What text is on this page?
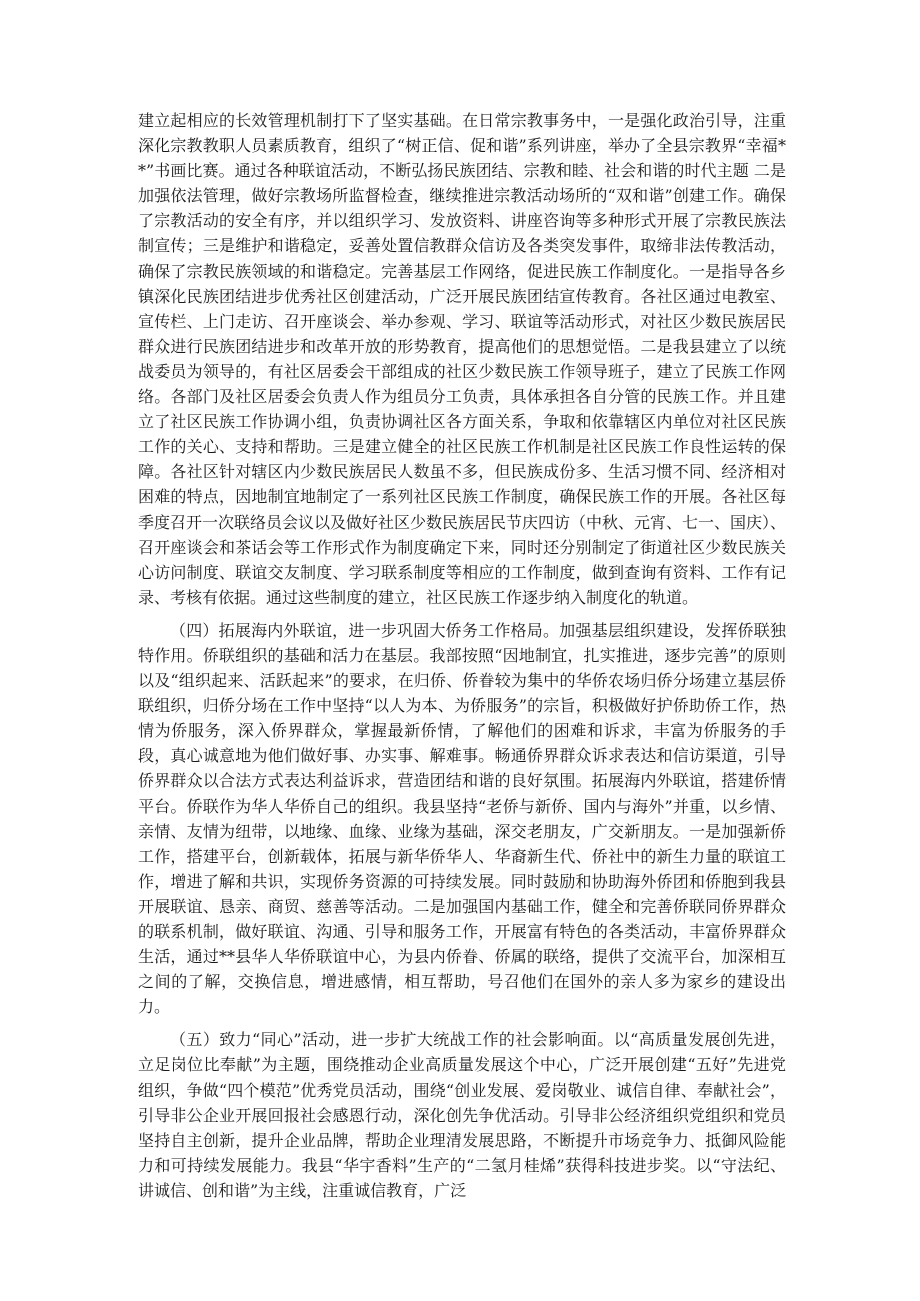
建立起相应的长效管理机制打下了坚实基础。在日常宗教事务中，一是强化政治引导，注重深化宗教教职人员素质教育，组织了“树正信、促和谐”系列讲座，举办了全县宗教界“幸福**”书画比赛。通过各种联谊活动，不断弘扬民族团结、宗教和睦、社会和谐的时代主题 二是加强依法管理，做好宗教场所监督检查，继续推进宗教活动场所的“双和谐”创建工作。确保了宗教活动的安全有序，并以组织学习、发放资料、讲座咨询等多种形式开展了宗教民族法制宣传；三是维护和谐稳定，妥善处置信教群众信访及各类突发事件，取缔非法传教活动，确保了宗教民族领域的和谐稳定。完善基层工作网络，促进民族工作制度化。一是指导各乡镇深化民族团结进步优秀社区创建活动，广泛开展民族团结宣传教育。各社区通过电教室、宣传栏、上门走访、召开座谈会、举办参观、学习、联谊等活动形式，对社区少数民族居民群众进行民族团结进步和改革开放的形势教育，提高他们的思想觉悟。二是我县建立了以统战委员为领导的，有社区居委会干部组成的社区少数民族工作领导班子，建立了民族工作网络。各部门及社区居委会负责人作为组员分工负责，具体承担各自分管的民族工作。并且建立了社区民族工作协调小组，负责协调社区各方面关系，争取和依靠辖区内单位对社区民族工作的关心、支持和帮助。三是建立健全的社区民族工作机制是社区民族工作良性运转的保障。各社区针对辖区内少数民族居民人数虽不多，但民族成份多、生活习惯不同、经济相对困难的特点，因地制宜地制定了一系列社区民族工作制度，确保民族工作的开展。各社区每季度召开一次联络员会议以及做好社区少数民族居民节庆四访（中秋、元宵、七一、国庆）、召开座谈会和茶话会等工作形式作为制度确定下来，同时还分别制定了街道社区少数民族关心访问制度、联谊交友制度、学习联系制度等相应的工作制度，做到查询有资料、工作有记录、考核有依据。通过这些制度的建立，社区民族工作逐步纳入制度化的轨道。

（四）拓展海内外联谊，进一步巩固大侨务工作格局。加强基层组织建设，发挥侨联独特作用。侨联组织的基础和活力在基层。我部按照“因地制宜，扎实推进，逐步完善”的原则以及“组织起来、活跃起来”的要求，在归侨、侨眷较为集中的华侨农场归侨分场建立基层侨联组织，归侨分场在工作中坚持“以人为本、为侨服务”的宗旨，积极做好护侨助侨工作，热情为侨服务，深入侨界群众，掌握最新侨情，了解他们的困难和诉求，丰富为侨服务的手段，真心诚意地为他们做好事、办实事、解难事。畅通侨界群众诉求表达和信访渠道，引导侨界群众以合法方式表达利益诉求，营造团结和谐的良好氛围。拓展海内外联谊，搭建侨情平台。侨联作为华人华侨自己的组织。我县坚持“老侨与新侨、国内与海外”并重，以乡情、亲情、友情为纽带，以地缘、血缘、业缘为基础，深交老朋友，广交新朋友。一是加强新侨工作，搭建平台，创新载体，拓展与新华侨华人、华裔新生代、侨社中的新生力量的联谊工作，增进了解和共识，实现侨务资源的可持续发展。同时鼓励和协助海外侨团和侨胞到我县开展联谊、恳亲、商贸、慈善等活动。二是加强国内基础工作，健全和完善侨联同侨界群众的联系机制，做好联谊、沟通、引导和服务工作，开展富有特色的各类活动，丰富侨界群众生活，通过**县华人华侨联谊中心，为县内侨眷、侨属的联络，提供了交流平台，加深相互之间的了解，交换信息，增进感情，相互帮助，号召他们在国外的亲人多为家乡的建设出力。

（五）致力“同心”活动，进一步扩大统战工作的社会影响面。以“高质量发展创先进，立足岗位比奉献”为主题，围绕推动企业高质量发展这个中心，广泛开展创建“五好”先进党组织，争做“四个模范”优秀党员活动，围绕“创业发展、爱岗敬业、诚信自律、奉献社会”，引导非公企业开展回报社会感恩行动，深化创先争优活动。引导非公经济组织党组织和党员坚持自主创新，提升企业品牌，帮助企业理清发展思路，不断提升市场竞争力、抵御风险能力和可持续发展能力。我县“华宇香料”生产的“二氢月桂烯”获得科技进步奖。以“守法纪、讲诚信、创和谐”为主线，注重诚信教育，广泛
